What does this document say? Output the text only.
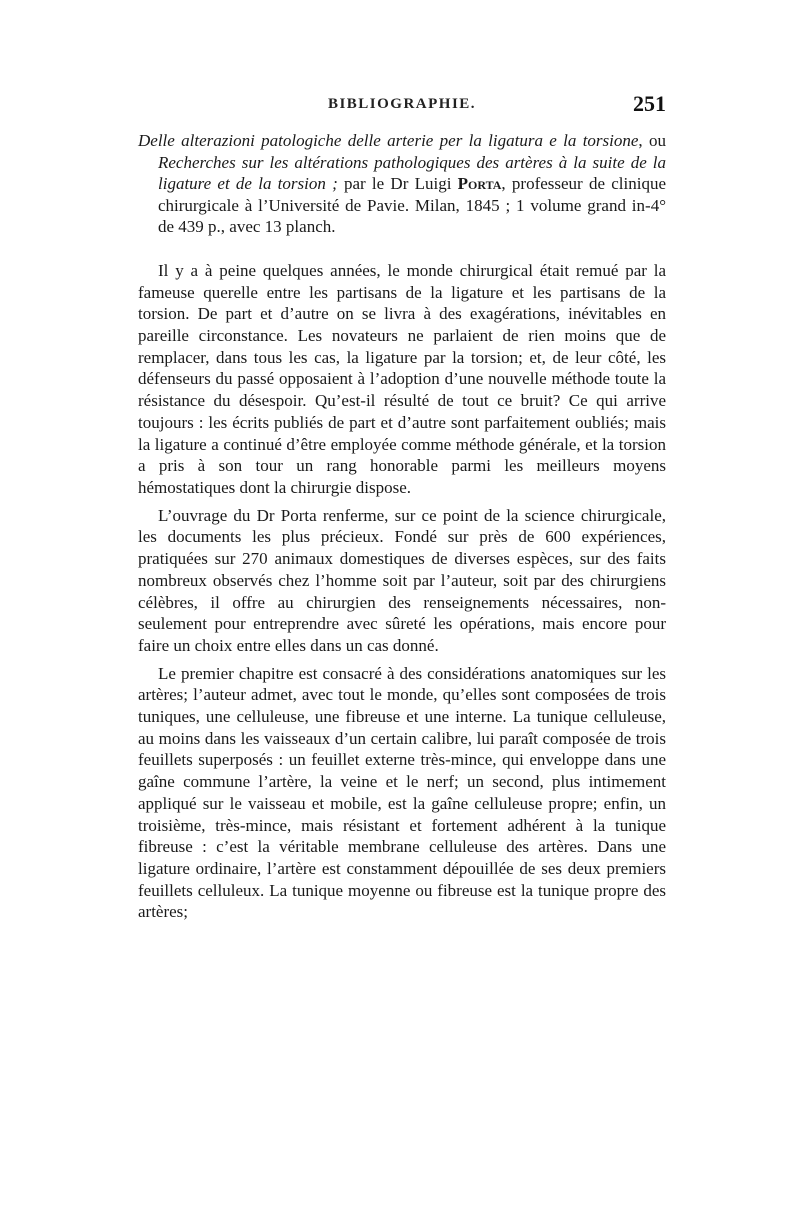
BIBLIOGRAPHIE.	251

Delle alterazioni patologiche delle arterie per la ligatura e la torsione, ou Recherches sur les altérations pathologiques des artères à la suite de la ligature et de la torsion ; par le Dr Luigi Porta, professeur de clinique chirurgicale à l’Université de Pavie. Milan, 1845 ; 1 volume grand in-4° de 439 p., avec 13 planch.

Il y a à peine quelques années, le monde chirurgical était remué par la fameuse querelle entre les partisans de la ligature et les partisans de la torsion. De part et d’autre on se livra à des exagérations, inévitables en pareille circonstance. Les novateurs ne parlaient de rien moins que de remplacer, dans tous les cas, la ligature par la torsion; et, de leur côté, les défenseurs du passé opposaient à l’adoption d’une nouvelle méthode toute la résistance du désespoir. Qu’est-il résulté de tout ce bruit? Ce qui arrive toujours : les écrits publiés de part et d’autre sont parfaitement oubliés; mais la ligature a continué d’être employée comme méthode générale, et la torsion a pris à son tour un rang honorable parmi les meilleurs moyens hémostatiques dont la chirurgie dispose.

L’ouvrage du Dr Porta renferme, sur ce point de la science chirurgicale, les documents les plus précieux. Fondé sur près de 600 expériences, pratiquées sur 270 animaux domestiques de diverses espèces, sur des faits nombreux observés chez l’homme soit par l’auteur, soit par des chirurgiens célèbres, il offre au chirurgien des renseignements nécessaires, non-seulement pour entreprendre avec sûreté les opérations, mais encore pour faire un choix entre elles dans un cas donné.

Le premier chapitre est consacré à des considérations anatomiques sur les artères; l’auteur admet, avec tout le monde, qu’elles sont composées de trois tuniques, une celluleuse, une fibreuse et une interne. La tunique celluleuse, au moins dans les vaisseaux d’un certain calibre, lui paraît composée de trois feuillets superposés : un feuillet externe très-mince, qui enveloppe dans une gaîne commune l’artère, la veine et le nerf; un second, plus intimement appliqué sur le vaisseau et mobile, est la gaîne celluleuse propre; enfin, un troisième, très-mince, mais résistant et fortement adhérent à la tunique fibreuse : c’est la véritable membrane celluleuse des artères. Dans une ligature ordinaire, l’artère est constamment dépouillée de ses deux premiers feuillets celluleux. La tunique moyenne ou fibreuse est la tunique propre des artères;
